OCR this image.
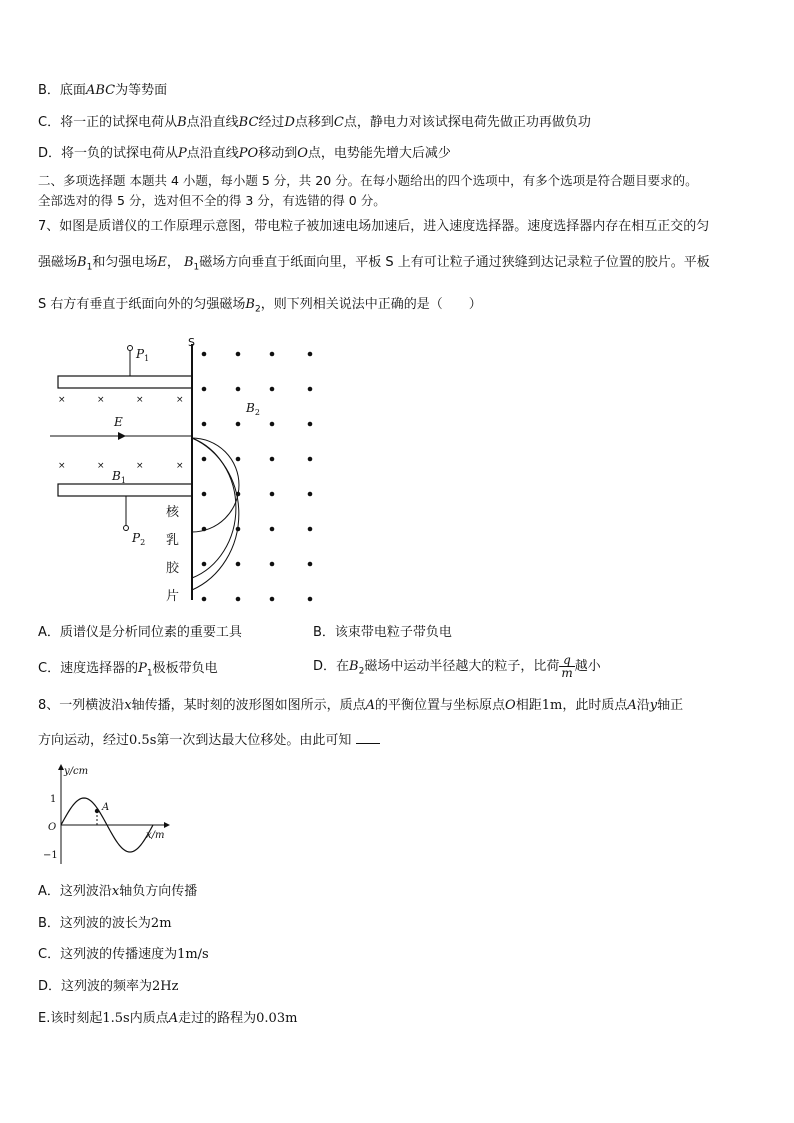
B．底面ABC为等势面
C．将一正的试探电荷从B点沿直线BC经过D点移到C点，静电力对该试探电荷先做正功再做负功
D．将一负的试探电荷从P点沿直线PO移动到O点，电势能先增大后减少
二、多项选择题 本题共 4 小题，每小题 5 分，共 20 分。在每小题给出的四个选项中，有多个选项是符合题目要求的。
全部选对的得 5 分，选对但不全的得 3 分，有选错的得 0 分。
7、如图是质谱仪的工作原理示意图，带电粒子被加速电场加速后，进入速度选择器。速度选择器内存在相互正交的匀
强磁场$B_1$和匀强电场E， $B_1$磁场方向垂直于纸面向里，平板 S 上有可让粒子通过狭缝到达记录粒子位置的胶片。平板
S 右方有垂直于纸面向外的匀强磁场$B_2$，则下列相关说法中正确的是（　　）
×	×	×	×
×	×	×	×
S
$P_1$
$P_2$
E
$B_1$
$B_2$
核
乳
胶
片
A．质谱仪是分析同位素的重要工具	B．该束带电粒子带负电
C．速度选择器的$P_1$极板带负电	D．在$B_2$磁场中运动半径越大的粒子，比荷 $\frac{q}{m}$ 越小
8、一列横波沿x轴传播，某时刻的波形图如图所示，质点A的平衡位置与坐标原点O相距1m，此时质点A沿y轴正
方向运动，经过0.5s第一次到达最大位移处。由此可知
y/cm
x/m
1
O
−1
A
A．这列波沿x轴负方向传播
B．这列波的波长为2m
C．这列波的传播速度为1m/s
D．这列波的频率为2Hz
E.该时刻起1.5s内质点A走过的路程为0.03m
